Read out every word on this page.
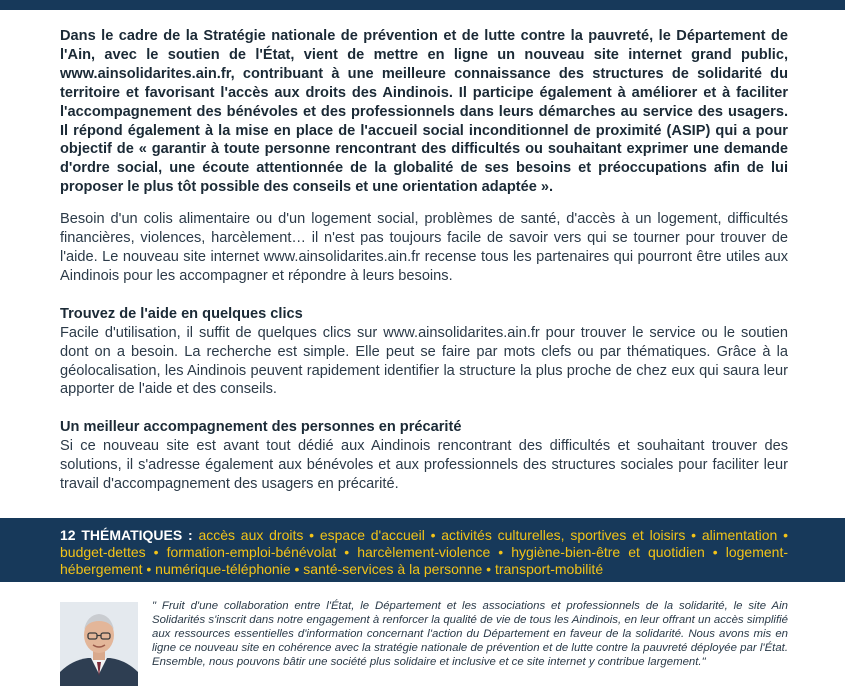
Dans le cadre de la Stratégie nationale de prévention et de lutte contre la pauvreté, le Département de l'Ain, avec le soutien de l'État, vient de mettre en ligne un nouveau site internet grand public, www.ainsolidarites.ain.fr, contribuant à une meilleure connaissance des structures de solidarité du territoire et favorisant l'accès aux droits des Aindinois. Il participe également à améliorer et à faciliter l'accompagnement des bénévoles et des professionnels dans leurs démarches au service des usagers. Il répond également à la mise en place de l'accueil social inconditionnel de proximité (ASIP) qui a pour objectif de « garantir à toute personne rencontrant des difficultés ou souhaitant exprimer une demande d'ordre social, une écoute attentionnée de la globalité de ses besoins et préoccupations afin de lui proposer le plus tôt possible des conseils et une orientation adaptée ».

Besoin d'un colis alimentaire ou d'un logement social, problèmes de santé, d'accès à un logement, difficultés financières, violences, harcèlement… il n'est pas toujours facile de savoir vers qui se tourner pour trouver de l'aide. Le nouveau site internet www.ainsolidarites.ain.fr recense tous les partenaires qui pourront être utiles aux Aindinois pour les accompagner et répondre à leurs besoins.

Trouvez de l'aide en quelques clics

Facile d'utilisation, il suffit de quelques clics sur www.ainsolidarites.ain.fr pour trouver le service ou le soutien dont on a besoin. La recherche est simple. Elle peut se faire par mots clefs ou par thématiques. Grâce à la géolocalisation, les Aindinois peuvent rapidement identifier la structure la plus proche de chez eux qui saura leur apporter de l'aide et des conseils.

Un meilleur accompagnement des personnes en précarité

Si ce nouveau site est avant tout dédié aux Aindinois rencontrant des difficultés et souhaitant trouver des solutions, il s'adresse également aux bénévoles et aux professionnels des structures sociales pour faciliter leur travail d'accompagnement des usagers en précarité.

12 THÉMATIQUES : accès aux droits • espace d'accueil • activités culturelles, sportives et loisirs • alimentation • budget-dettes • formation-emploi-bénévolat • harcèlement-violence • hygiène-bien-être et quotidien • logement-hébergement • numérique-téléphonie • santé-services à la personne • transport-mobilité
" Fruit d'une collaboration entre l'État, le Département et les associations et professionnels de la solidarité, le site Ain Solidarités s'inscrit dans notre engagement à renforcer la qualité de vie de tous les Aindinois, en leur offrant un accès simplifié aux ressources essentielles d'information concernant l'action du Département en faveur de la solidarité. Nous avons mis en ligne ce nouveau site en cohérence avec la stratégie nationale de prévention et de lutte contre la pauvreté déployée par l'État. Ensemble, nous pouvons bâtir une société plus solidaire et inclusive et ce site internet y contribue largement."
